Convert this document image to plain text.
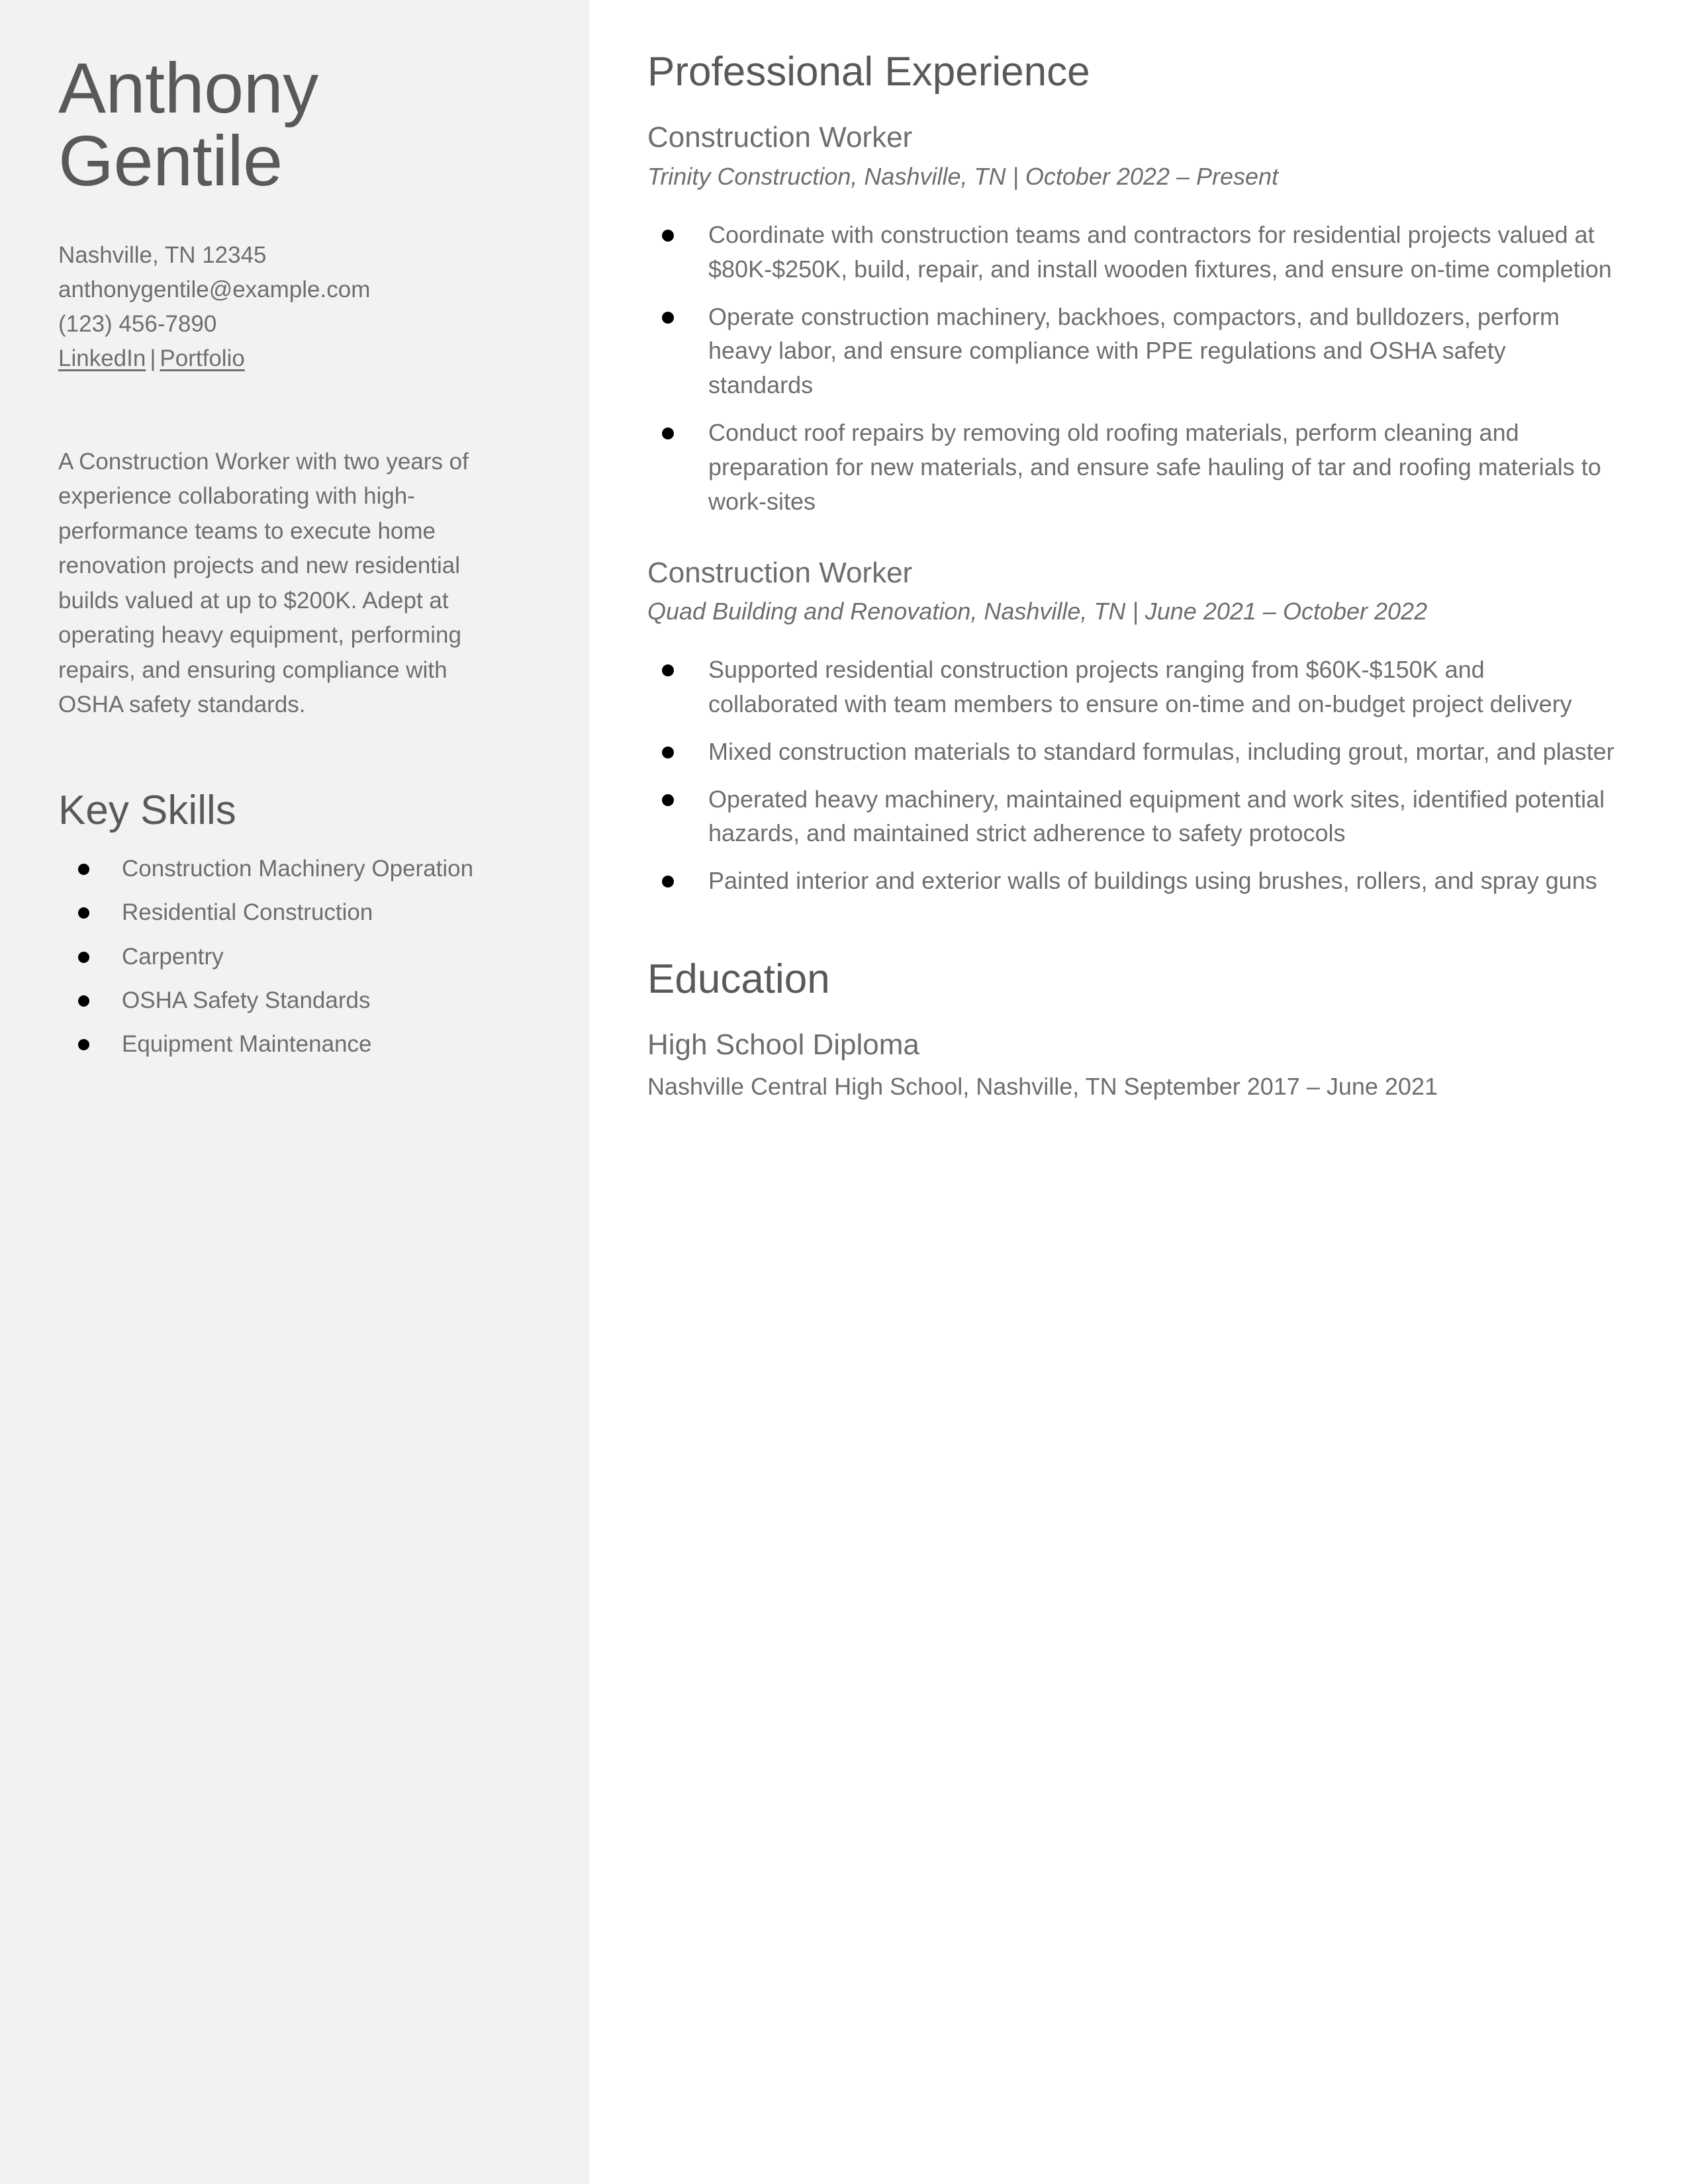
Anthony
Gentile
Nashville, TN 12345
anthonygentile@example.com
(123) 456-7890
LinkedIn | Portfolio

A Construction Worker with two years of experience collaborating with high-performance teams to execute home renovation projects and new residential builds valued at up to $200K. Adept at operating heavy equipment, performing repairs, and ensuring compliance with OSHA safety standards.

Key Skills
Construction Machinery Operation
Residential Construction
Carpentry
OSHA Safety Standards
Equipment Maintenance
Professional Experience
Construction Worker
Trinity Construction, Nashville, TN | October 2022 – Present
Coordinate with construction teams and contractors for residential projects valued at $80K-$250K, build, repair, and install wooden fixtures, and ensure on-time completion
Operate construction machinery, backhoes, compactors, and bulldozers, perform heavy labor, and ensure compliance with PPE regulations and OSHA safety standards
Conduct roof repairs by removing old roofing materials, perform cleaning and preparation for new materials, and ensure safe hauling of tar and roofing materials to work-sites
Construction Worker
Quad Building and Renovation, Nashville, TN | June 2021 – October 2022
Supported residential construction projects ranging from $60K-$150K and collaborated with team members to ensure on-time and on-budget project delivery
Mixed construction materials to standard formulas, including grout, mortar, and plaster
Operated heavy machinery, maintained equipment and work sites, identified potential hazards, and maintained strict adherence to safety protocols
Painted interior and exterior walls of buildings using brushes, rollers, and spray guns
Education
High School Diploma
Nashville Central High School, Nashville, TN September 2017 – June 2021
